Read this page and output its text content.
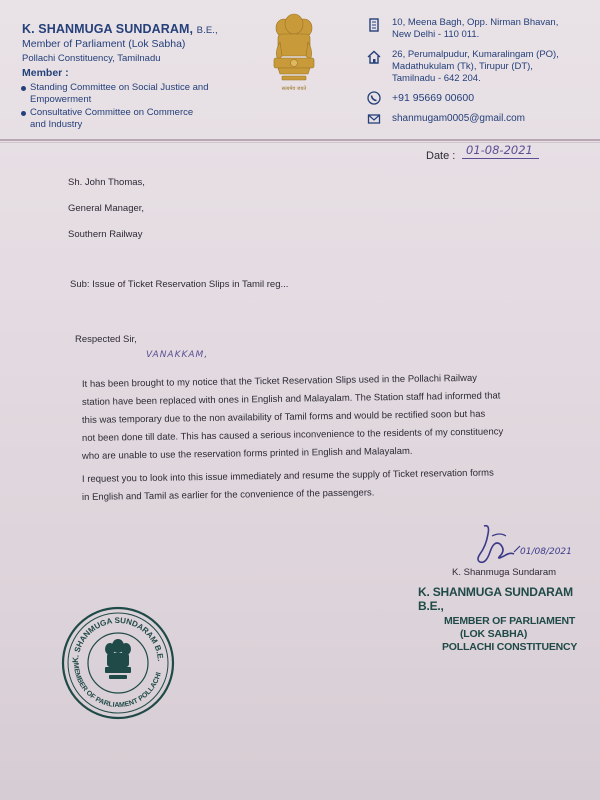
K. SHANMUGA SUNDARAM, B.E.,
Member of Parliament (Lok Sabha)
Pollachi Constituency, Tamilnadu
Member :
Standing Committee on Social Justice and Empowerment
Consultative Committee on Commerce and Industry
सत्यमेव जयते
10, Meena Bagh, Opp. Nirman Bhavan,
New Delhi - 110 011.
26, Perumalpudur, Kumaralingam (PO),
Madathukulam (Tk), Tirupur (DT),
Tamilnadu - 642 204.
+91 95669 00600
shanmugam0005@gmail.com
Date : 01-08-2021
Sh. John Thomas,
General Manager,
Southern Railway
Sub: Issue of Ticket Reservation Slips in Tamil reg...
Respected Sir,
VANAKKAM,
It has been brought to my notice that the Ticket Reservation Slips used in the Pollachi Railway
station have been replaced with ones in English and Malayalam. The Station staff had informed that
this was temporary due to the non availability of Tamil forms and would be rectified soon but has
not been done till date. This has caused a serious inconvenience to the residents of my constituency
who are unable to use the reservation forms printed in English and Malayalam.
I request you to look into this issue immediately and resume the supply of Ticket reservation forms
in English and Tamil as earlier for the convenience of the passengers.
01/08/2021
K. Shanmuga Sundaram
K. SHANMUGA SUNDARAM B.E.,
MEMBER OF PARLIAMENT
(LOK SABHA)
POLLACHI CONSTITUENCY
K. SHANMUGA SUNDARAM B.E.
MEMBER OF PARLIAMENT POLLACHI
